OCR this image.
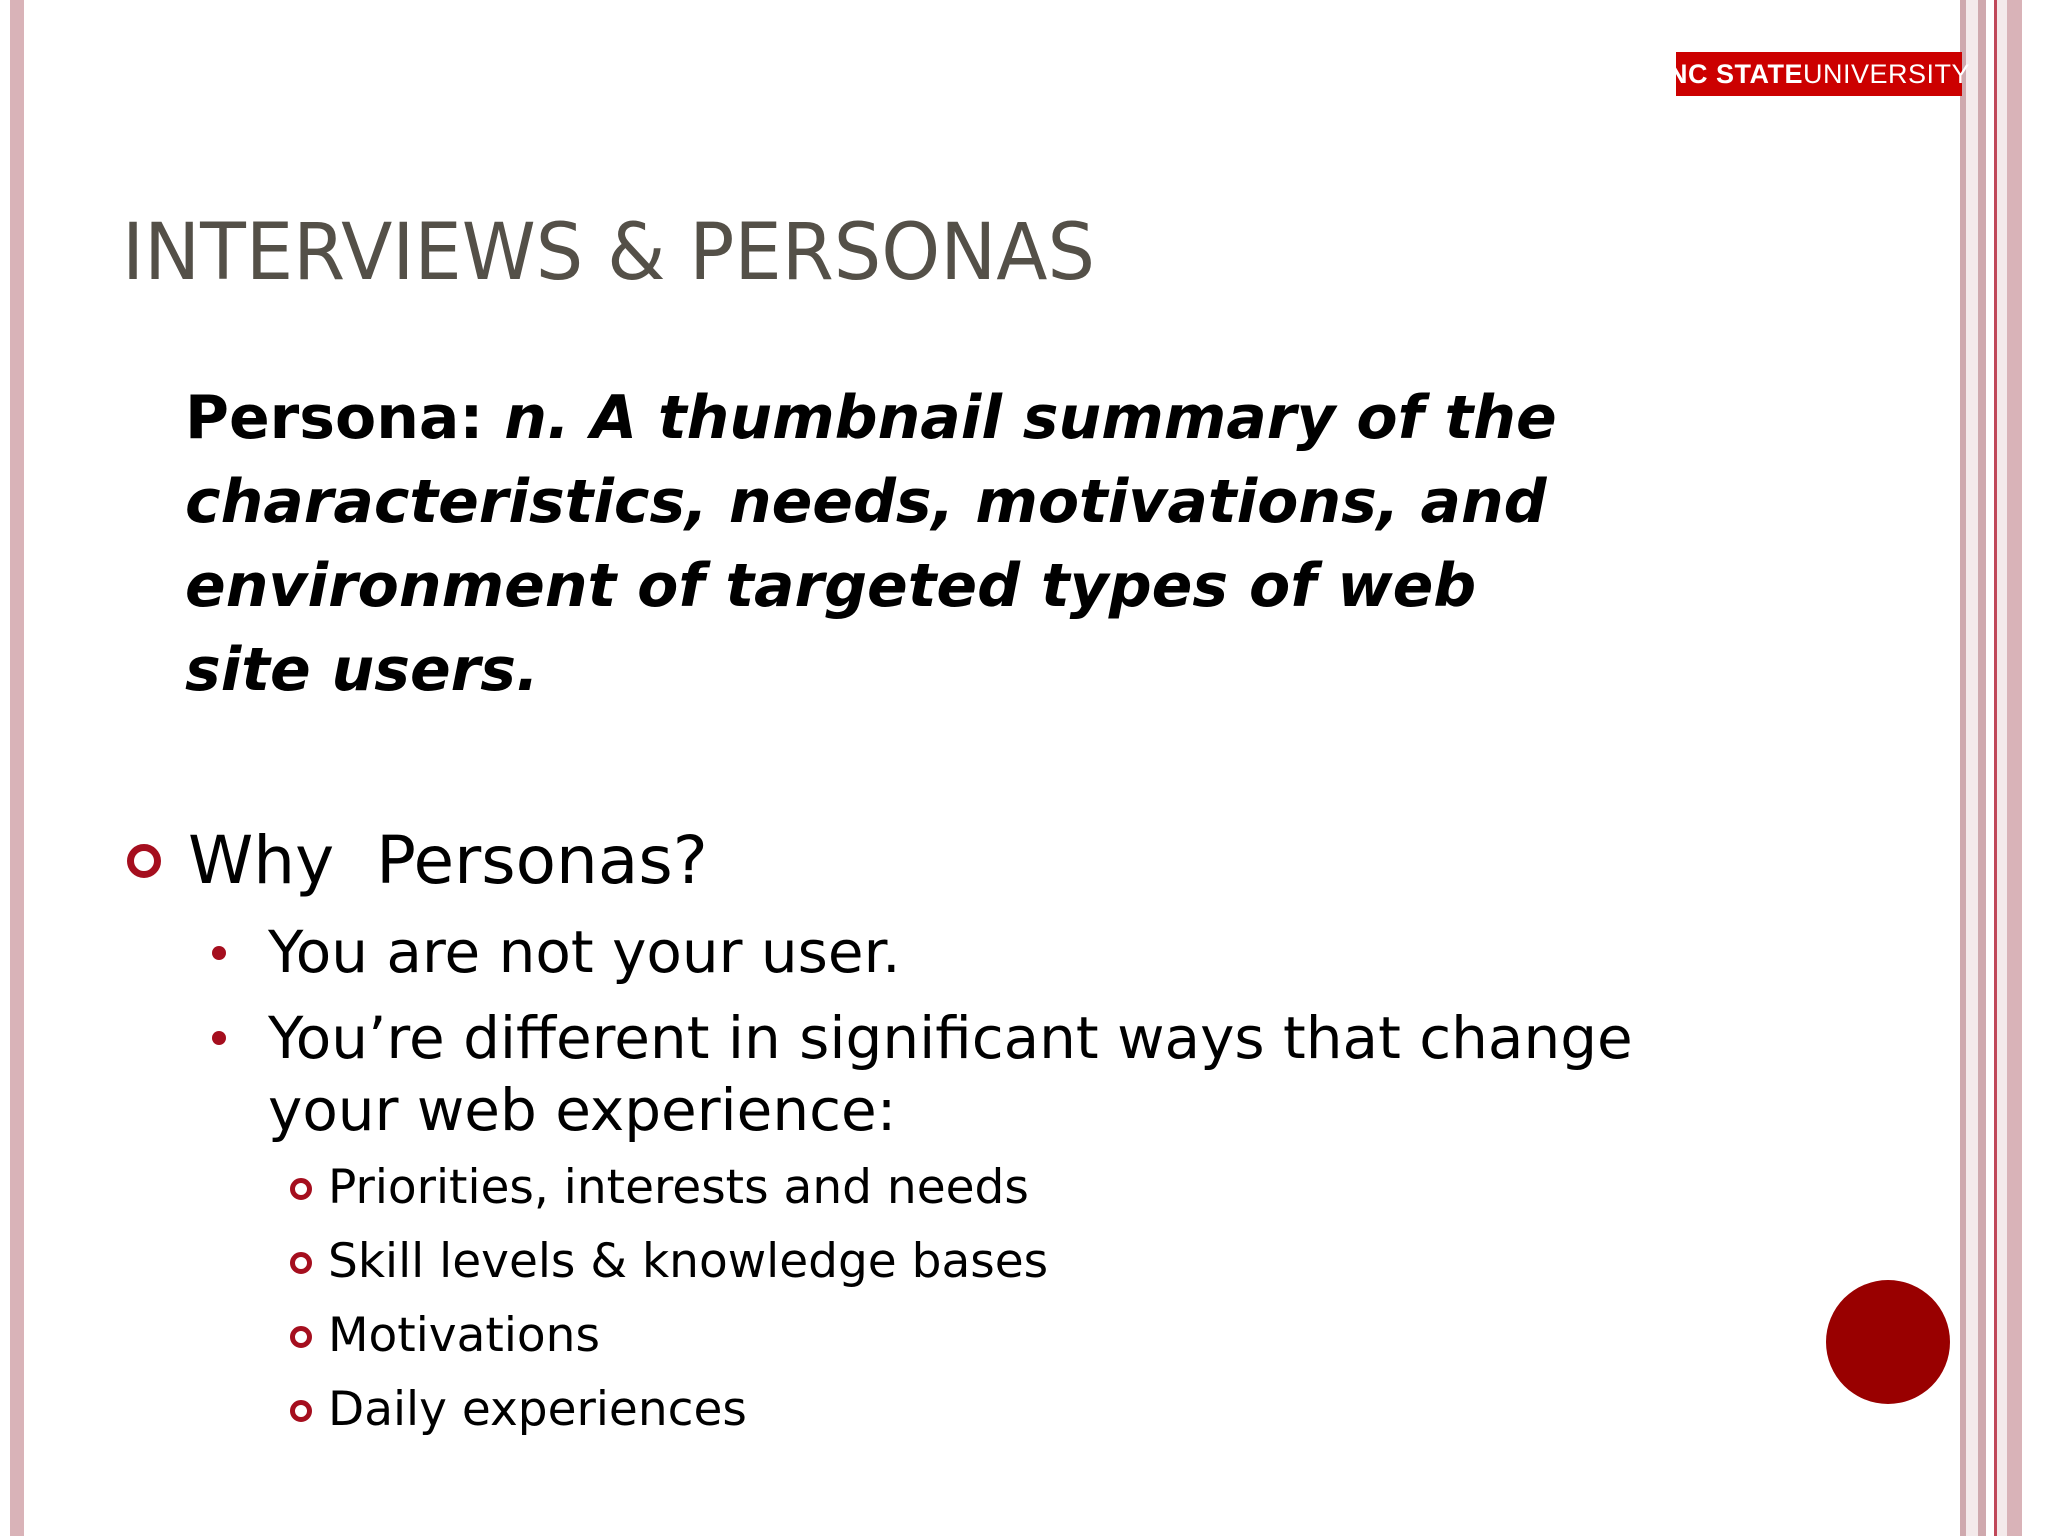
NC STATE UNIVERSITY
INTERVIEWS & PERSONAS
Persona: n. A thumbnail summary of the characteristics, needs, motivations, and environment of targeted types of web site users.
Why  Personas?
You are not your user.
You’re different in significant ways that change your web experience:
Priorities, interests and needs
Skill levels & knowledge bases
Motivations
Daily experiences
